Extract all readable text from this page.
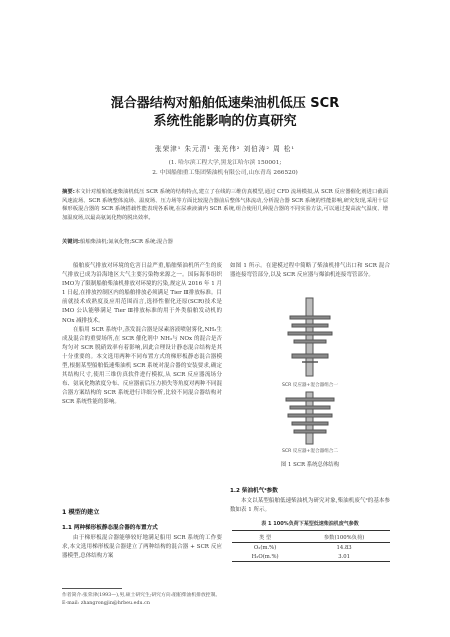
混合器结构对船舶低速柴油机低压 SCR
系统性能影响的仿真研究
张荣津¹ 朱元清¹ 张光伟² 刘伯涛² 周 松¹
(1. 哈尔滨工程大学,黑龙江哈尔滨 150001;
2. 中国船舶重工集团柴油机有限公司,山东青岛 266520)
摘要:本文针对船舶低速柴油机低压 SCR 系统的结构特点,建立了在线的三维仿真模型,通过 CFD 流场模拟,从 SCR 反应器催化剂进口截面风速流场、SCR 系统整体流场、温度场、压力场等方面比较混合器前后整体气体流动,分析混合器 SCR 系统的性能影响,研究发现,采用十层梯形板混合器的 SCR 系统搭载性能表现各系统,在尿素液滴内 SCR 系统,组合使用几种混合器的不同实验方法,可以通过提高流气温度、增加温度场,以最高氨氮化物的脱出效率。
关键词:船舶柴油机;氮氧化物;SCR 系统;混合器

船舶废气排放对环境的危害日益严重,船舶柴油机所产生的废气排放已成为沿海地区大气主要污染物来源之一。国际海事组织IMO为了限制船舶柴油机排放对环境的污染,规定从 2016 年 1 月 1 日起,在排放控制区内的船舶排放必须满足 Tier Ⅲ排放标准。目前就技术成熟度及应用范围而言,选择性催化还原(SCR)技术是 IMO 公认能够满足 Tier Ⅲ排放标准的用于外类船舶发动机的 NOx 减排技术。

在船用 SCR 系统中,蒸发混合器是尿素溶液喷射雾化,NH₃生成及混合的重要场所,在 SCR 催化剂中 NH₃与 NOx 的混合是否均匀对 SCR 脱硝效率有着影响,因此合理设计静态混合结构是其十分重要的。本文选用两种不同布置方式的梯形板静态混合器模型,根据某型船舶低速柴油机 SCR 系统对混合器的安装要求,确定其结构尺寸,使用三维仿真软件进行模拟,从 SCR 反应器流场分布、氨氧化物浓度分布、反应器前后压力损失等角度对两种不同混合器方案结构的 SCR 系统进行详细分析,比较不同混合器结构对 SCR 系统性能的影响。

1 模型的建立
1.1 两种梯形板静态混合器的布置方式

由于梯形板混合器能够较好地满足船用 SCR 系统的工作要求,本文选用梯形板混合器建立了两种结构的混合器 + SCR 反应器模型,总体结构方案

作者简介:张荣津(1993—),男,硕士研究生;研究方向:船舶柴油机排放控制。
E-mail: zhangrongjin@hrbeu.edu.cn

如图 1 所示。在建模过程中简略了柴油机排气出口和 SCR 混合器连接弯管部分,以及 SCR 反应器与爆油机连接弯管部分。

SCR 反应器+混合器组合一
SCR 反应器+混合器组合二
图 1 SCR 系统总体结构
1.2 柴油机气²参数

本文以某型船舶低速柴油机为研究对象,柴油机废气²的基本参数如表 1 所示。

表 1 100%负荷下某型低速柴油机废气参数
类 型	参数(100%负荷)
O₂(m.%)	14.83
H₂O(m.%)	3.01
